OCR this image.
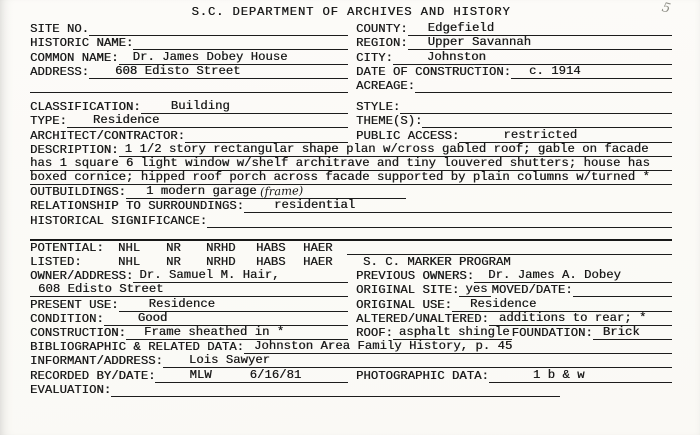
5
S.C. DEPARTMENT OF ARCHIVES AND HISTORY
SITE NO.	COUNTY:	Edgefield
HISTORIC NAME:	REGION:	Upper Savannah
COMMON NAME:	Dr. James Dobey House	CITY:	Johnston
ADDRESS:	608 Edisto Street	DATE OF CONSTRUCTION:	c. 1914
ACREAGE:
CLASSIFICATION:	Building	STYLE:
TYPE:	Residence	THEME(S):
ARCHITECT/CONTRACTOR:	PUBLIC ACCESS:	restricted
DESCRIPTION: 1 1/2 story rectangular shape plan w/cross gabled roof; gable on facade
has 1 square 6 light window w/shelf architrave and tiny louvered shutters; house has
boxed cornice; hipped roof porch across facade supported by plain columns w/turned *
OUTBUILDINGS:	1 modern garage (frame)
RELATIONSHIP TO SURROUNDINGS:	residential
HISTORICAL SIGNIFICANCE:
POTENTIAL:	NHL	NR	NRHD	HABS	HAER
LISTED:	NHL	NR	NRHD	HABS	HAER	S. C. MARKER PROGRAM
OWNER/ADDRESS: Dr. Samuel M. Hair,	PREVIOUS OWNERS:	Dr. James A. Dobey
608 Edisto Street	ORIGINAL SITE: yes MOVED/DATE:
PRESENT USE:	Residence	ORIGINAL USE:	Residence
CONDITION:	Good	ALTERED/UNALTERED: additions to rear; *
CONSTRUCTION:	Frame sheathed in *	ROOF: asphalt shingle FOUNDATION: Brick
BIBLIOGRAPHIC & RELATED DATA: Johnston Area Family History, p. 45
INFORMANT/ADDRESS:	Lois Sawyer
RECORDED BY/DATE:	MLW	6/16/81	PHOTOGRAPHIC DATA:	1 b & w
EVALUATION:
